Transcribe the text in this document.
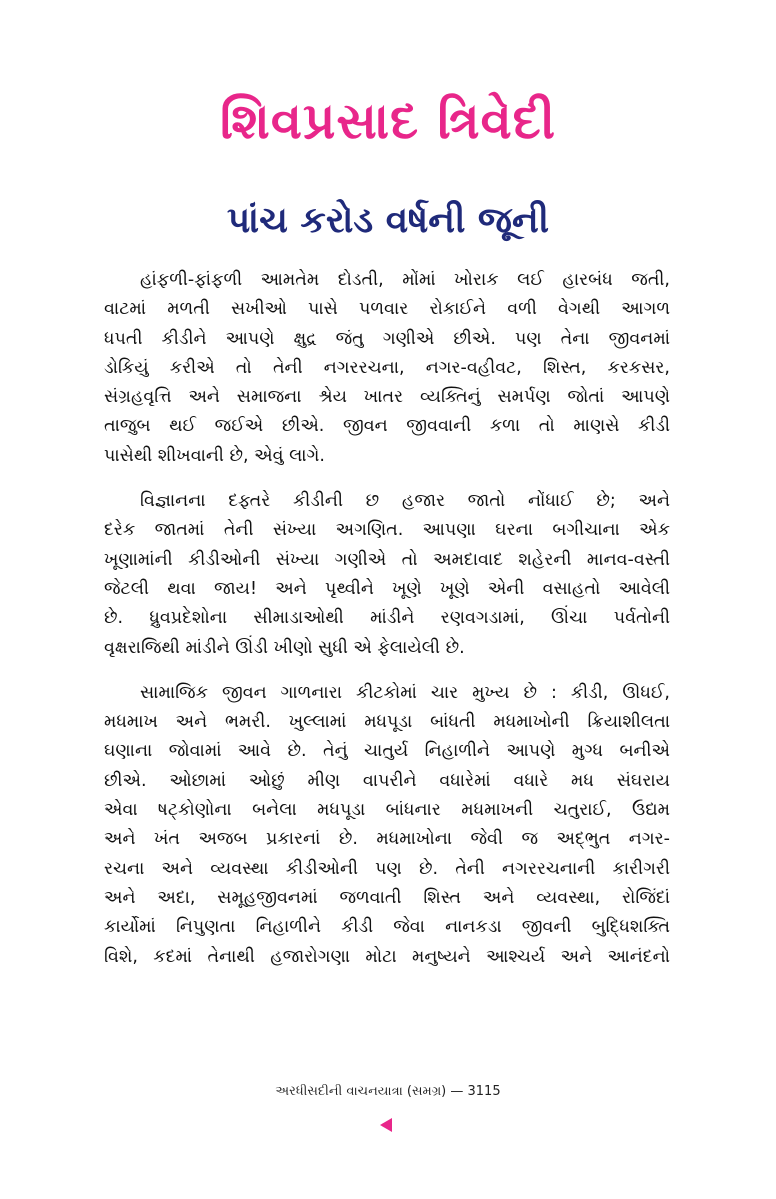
શિવપ્રસાદ ત્રિવેદી
પાંચ કરોડ વર્ષની જૂની
હાંફળી-ફાંફળી આમતેમ દોડતી, મોંમાં ખોરાક લઈ હારબંધ જતી,
વાટમાં મળતી સખીઓ પાસે પળવાર રોકાઈને વળી વેગથી આગળ
ધપતી કીડીને આપણે ક્ષુદ્ર જંતુ ગણીએ છીએ. પણ તેના જીવનમાં
ડોકિયું કરીએ તો તેની નગરરચના, નગર-વહીવટ, શિસ્ત, કરકસર,
સંગ્રહવૃત્તિ અને સમાજના શ્રેય ખાતર વ્યક્તિનું સમર્પણ જોતાં આપણે
તાજુબ થઈ જઈએ છીએ. જીવન જીવવાની કળા તો માણસે કીડી
પાસેથી શીખવાની છે, એવું લાગે.
વિજ્ઞાનના દફ્તરે કીડીની છ હજાર જાતો નોંધાઈ છે; અને
દરેક જાતમાં તેની સંખ્યા અગણિત. આપણા ઘરના બગીચાના એક
ખૂણામાંની કીડીઓની સંખ્યા ગણીએ તો અમદાવાદ શહેરની માનવ-વસ્તી
જેટલી થવા જાય! અને પૃથ્વીને ખૂણે ખૂણે એની વસાહતો આવેલી
છે. ધ્રુવપ્રદેશોના સીમાડાઓથી માંડીને રણવગડામાં, ઊંચા પર્વતોની
વૃક્ષરાજિથી માંડીને ઊંડી ખીણો સુધી એ ફેલાયેલી છે.
સામાજિક જીવન ગાળનારા કીટકોમાં ચાર મુખ્ય છે : કીડી, ઊધઈ,
મધમાખ અને ભમરી. ખુલ્લામાં મધપૂડા બાંધતી મધમાખોની ક્રિયાશીલતા
ઘણાના જોવામાં આવે છે. તેનું ચાતુર્ય નિહાળીને આપણે મુગ્ધ બનીએ
છીએ. ઓછામાં ઓછું મીણ વાપરીને વધારેમાં વધારે મધ સંઘરાય
એવા ષટ્કોણોના બનેલા મધપૂડા બાંધનાર મધમાખની ચતુરાઈ, ઉદ્યમ
અને ખંત અજબ પ્રકારનાં છે. મધમાખોના જેવી જ અદ્ભુત નગર-
રચના અને વ્યવસ્થા કીડીઓની પણ છે. તેની નગરરચનાની કારીગરી
અને અદા, સમૂહજીવનમાં જળવાતી શિસ્ત અને વ્યવસ્થા, રોજિંદાં
કાર્યોમાં નિપુણતા નિહાળીને કીડી જેવા નાનકડા જીવની બુદ્ધિશક્તિ
વિશે, કદમાં તેનાથી હજારોગણા મોટા મનુષ્યને આશ્ચર્ય અને આનંદનો
અરધીસદીની વાચનયાત્રા (સમગ્ર) — 3115
